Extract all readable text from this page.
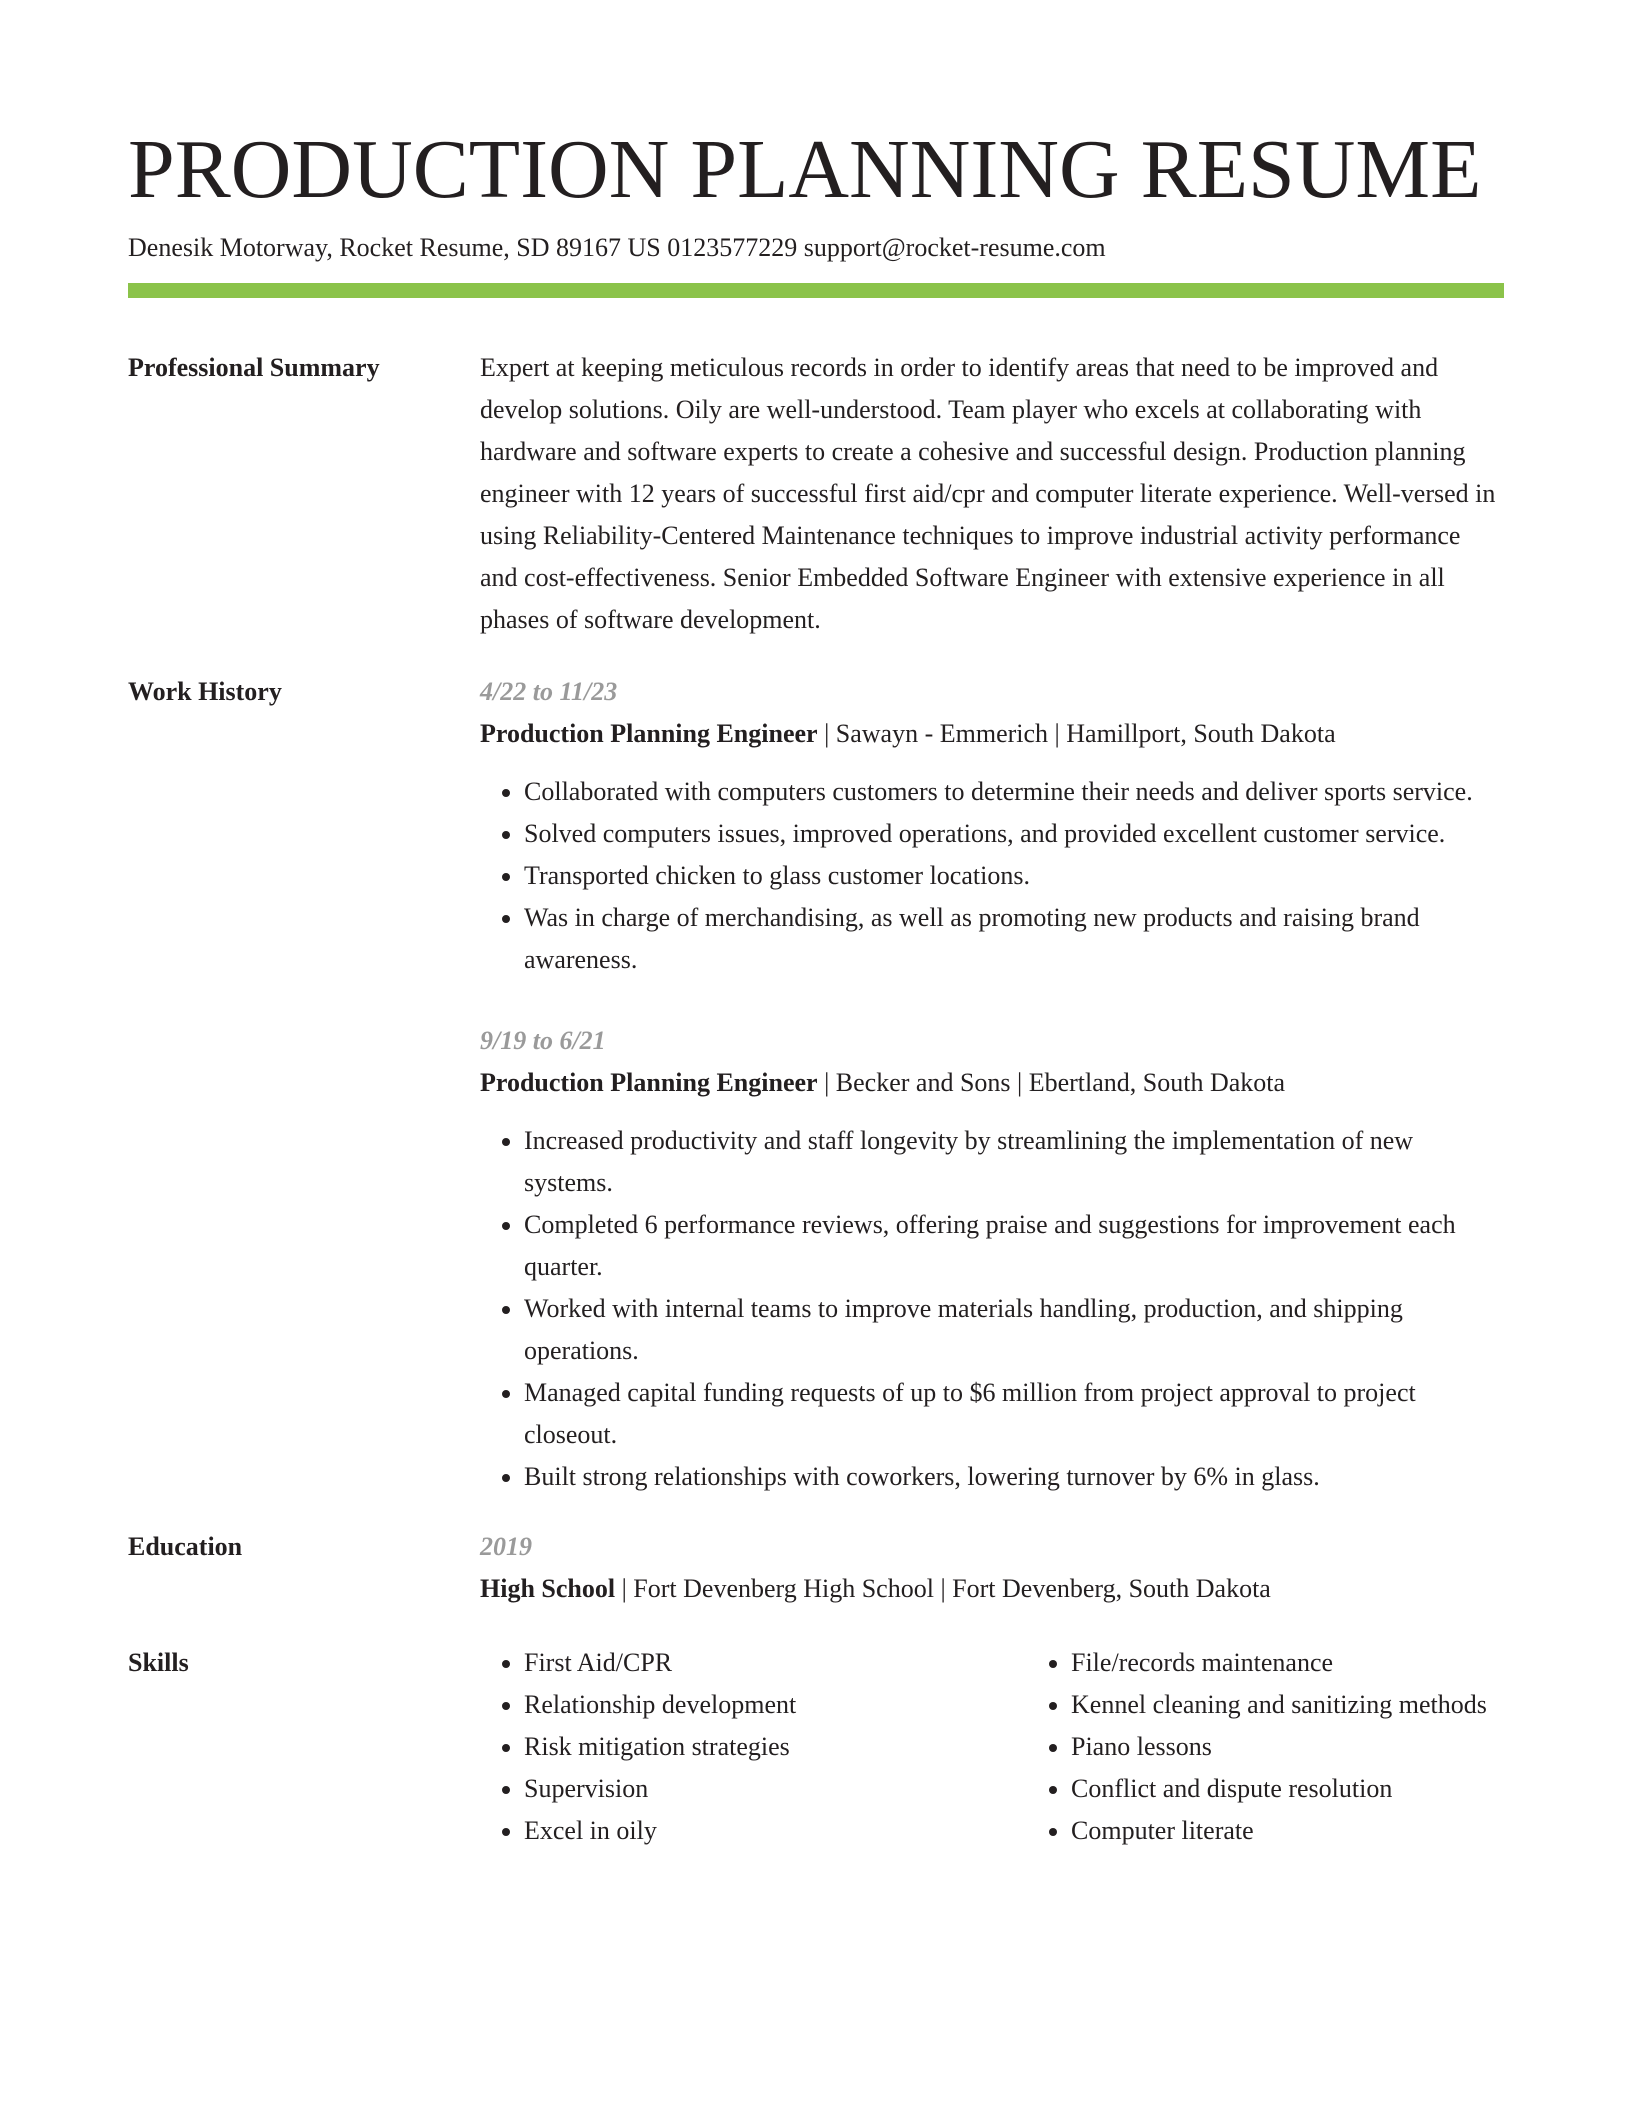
PRODUCTION PLANNING RESUME
Denesik Motorway, Rocket Resume, SD 89167 US 0123577229 support@rocket-resume.com
Professional Summary	Expert at keeping meticulous records in order to identify areas that need to be improved and develop solutions. Oily are well-understood. Team player who excels at collaborating with hardware and software experts to create a cohesive and successful design. Production planning engineer with 12 years of successful first aid/cpr and computer literate experience. Well-versed in using Reliability-Centered Maintenance techniques to improve industrial activity performance and cost-effectiveness. Senior Embedded Software Engineer with extensive experience in all phases of software development.
Work History	4/22 to 11/23
Production Planning Engineer | Sawayn - Emmerich | Hamillport, South Dakota
• Collaborated with computers customers to determine their needs and deliver sports service.
• Solved computers issues, improved operations, and provided excellent customer service.
• Transported chicken to glass customer locations.
• Was in charge of merchandising, as well as promoting new products and raising brand awareness.
9/19 to 6/21
Production Planning Engineer | Becker and Sons | Ebertland, South Dakota
• Increased productivity and staff longevity by streamlining the implementation of new systems.
• Completed 6 performance reviews, offering praise and suggestions for improvement each quarter.
• Worked with internal teams to improve materials handling, production, and shipping operations.
• Managed capital funding requests of up to $6 million from project approval to project closeout.
• Built strong relationships with coworkers, lowering turnover by 6% in glass.
Education	2019
High School | Fort Devenberg High School | Fort Devenberg, South Dakota
Skills
•	First Aid/CPR
• Relationship development
• Risk mitigation strategies
• Supervision
• Excel in oily
• File/records maintenance
• Kennel cleaning and sanitizing methods
• Piano lessons
• Conflict and dispute resolution
• Computer literate
